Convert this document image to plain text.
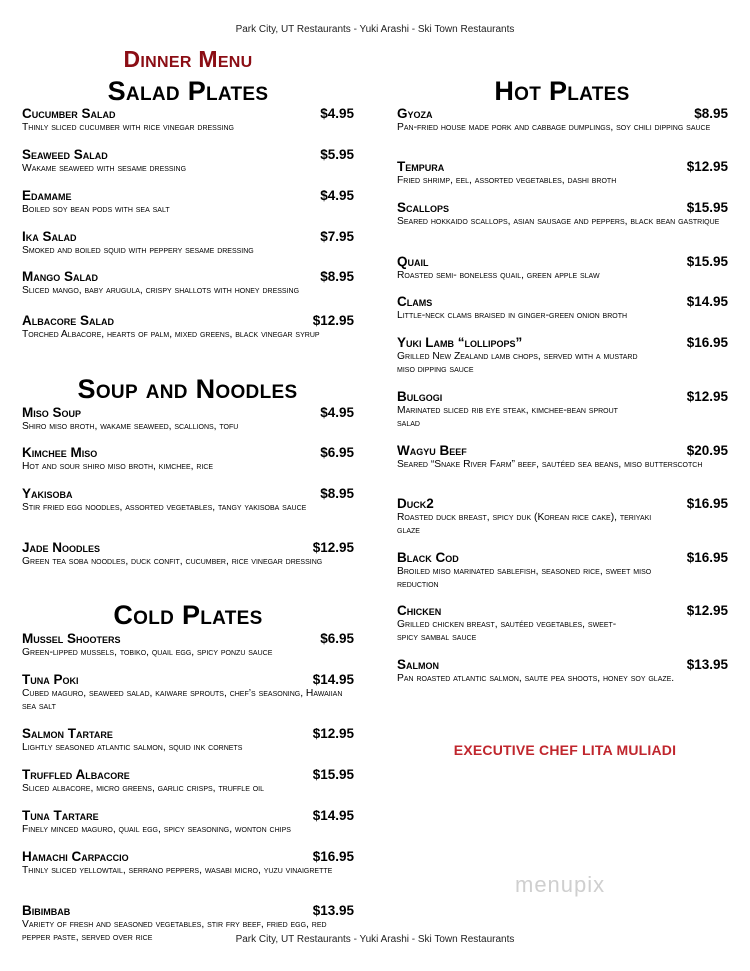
Park City, UT Restaurants - Yuki Arashi - Ski Town Restaurants
Dinner Menu
Salad Plates
Cucumber Salad	$4.95
Thinly sliced cucumber with rice vinegar dressing
Seaweed Salad	$5.95
Wakame seaweed with sesame dressing
Edamame	$4.95
Boiled soy bean pods with sea salt
Ika Salad	$7.95
Smoked and boiled squid with peppery sesame dressing
Mango Salad	$8.95
Sliced mango, baby arugula, crispy shallots with honey dressing
Albacore Salad	$12.95
Torched Albacore, hearts of palm, mixed greens, black vinegar syrup
Soup and Noodles
Miso Soup	$4.95
Shiro miso broth, wakame seaweed, scallions, tofu
Kimchee Miso	$6.95
Hot and sour shiro miso broth, kimchee, rice
Yakisoba	$8.95
Stir fried egg noodles, assorted vegetables, tangy yakisoba sauce
Jade Noodles	$12.95
Green tea soba noodles, duck confit, cucumber, rice vinegar dressing
Cold Plates
Mussel Shooters	$6.95
Green-lipped mussels, tobiko, quail egg, spicy ponzu sauce
Tuna Poki	$14.95
Cubed maguro, seaweed salad, kaiware sprouts, chef’s seasoning, Hawaiian sea salt
Salmon Tartare	$12.95
Lightly seasoned atlantic salmon, squid ink cornets
Truffled Albacore	$15.95
Sliced albacore, micro greens, garlic crisps, truffle oil
Tuna Tartare	$14.95
Finely minced maguro, quail egg, spicy seasoning, wonton chips
Hamachi Carpaccio	$16.95
Thinly sliced yellowtail, serrano peppers, wasabi micro, yuzu vinaigrette
Bibimbab	$13.95
Variety of fresh and seasoned vegetables, stir fry beef, fried egg, red pepper paste, served over rice
Hot Plates
Gyoza	$8.95
Pan-fried house made pork and cabbage dumplings, soy chili dipping sauce
Tempura	$12.95
Fried shrimp, eel, assorted vegetables, dashi broth
Scallops	$15.95
Seared hokkaido scallops, asian sausage and peppers, black bean gastrique
Quail	$15.95
Roasted semi- boneless quail, green apple slaw
Clams	$14.95
Little-neck clams braised in ginger-green onion broth
Yuki Lamb “lollipops”	$16.95
Grilled New Zealand lamb chops, served with a mustard miso dipping sauce
Bulgogi	$12.95
Marinated sliced rib eye steak, kimchee-bean sprout salad
Wagyu Beef	$20.95
Seared “Snake River Farm” beef, sautéed sea beans, miso butterscotch
Duck2	$16.95
Roasted duck breast, spicy duk (Korean rice cake), teriyaki glaze
Black Cod	$16.95
Broiled miso marinated sablefish, seasoned rice, sweet miso reduction
Chicken	$12.95
Grilled chicken breast, sautéed vegetables, sweet-spicy sambal sauce
Salmon	$13.95
Pan roasted atlantic salmon, saute pea shoots, honey soy glaze.
EXECUTIVE CHEF LITA MULIADI
menupix
Park City, UT Restaurants - Yuki Arashi - Ski Town Restaurants
